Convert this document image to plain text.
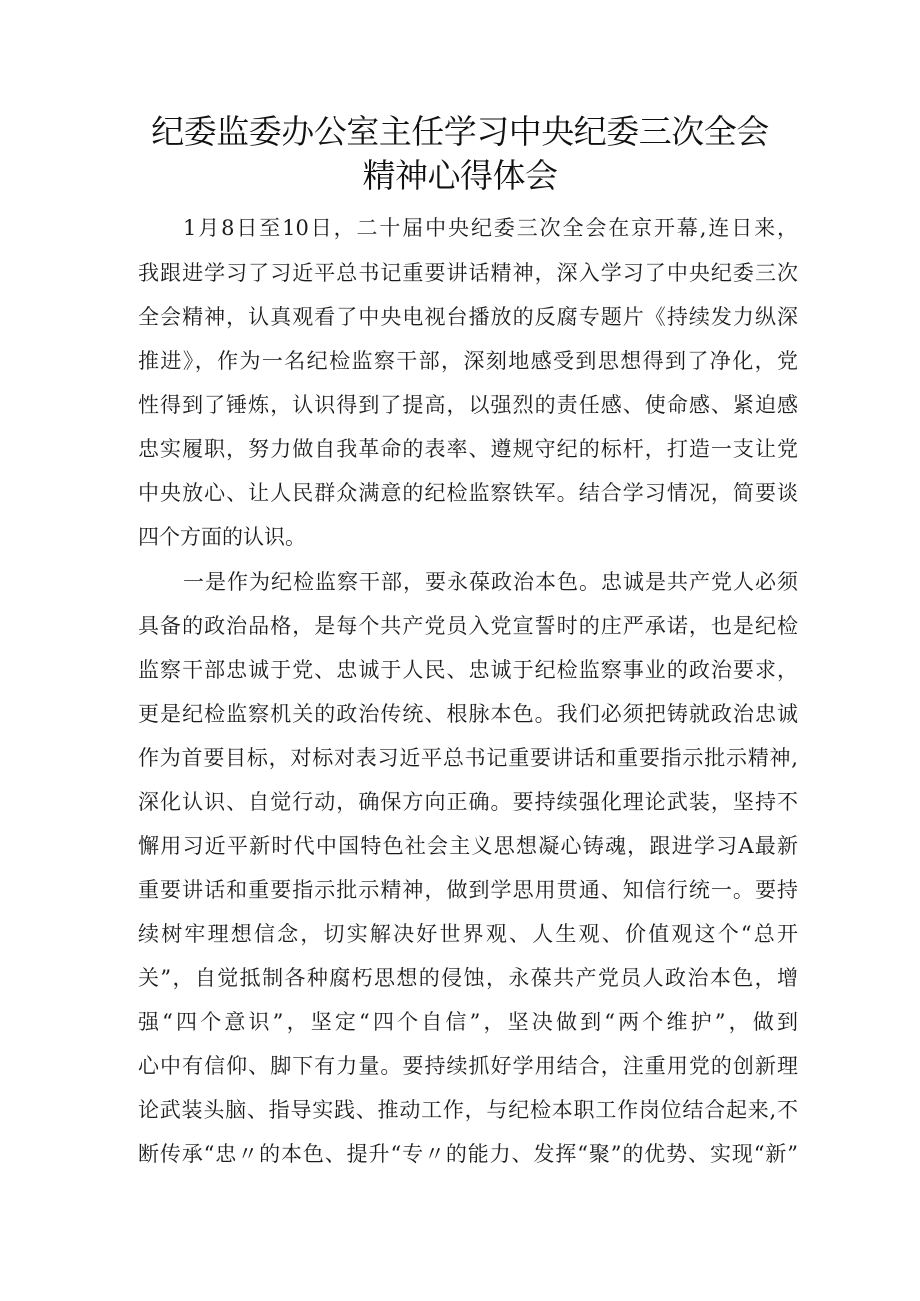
纪委监委办公室主任学习中央纪委三次全会
精神心得体会
1月8日至10日，二十届中央纪委三次全会在京开幕,连日来，
我跟进学习了习近平总书记重要讲话精神，深入学习了中央纪委三次
全会精神，认真观看了中央电视台播放的反腐专题片《持续发力纵深
推进》，作为一名纪检监察干部，深刻地感受到思想得到了净化，党
性得到了锤炼，认识得到了提高，以强烈的责任感、使命感、紧迫感
忠实履职，努力做自我革命的表率、遵规守纪的标杆，打造一支让党
中央放心、让人民群众满意的纪检监察铁军。结合学习情况，简要谈
四个方面的认识。
一是作为纪检监察干部，要永葆政治本色。忠诚是共产党人必须
具备的政治品格，是每个共产党员入党宣誓时的庄严承诺，也是纪检
监察干部忠诚于党、忠诚于人民、忠诚于纪检监察事业的政治要求，
更是纪检监察机关的政治传统、根脉本色。我们必须把铸就政治忠诚
作为首要目标，对标对表习近平总书记重要讲话和重要指示批示精神,
深化认识、自觉行动，确保方向正确。要持续强化理论武装，坚持不
懈用习近平新时代中国特色社会主义思想凝心铸魂，跟进学习A最新
重要讲话和重要指示批示精神，做到学思用贯通、知信行统一。要持
续树牢理想信念，切实解决好世界观、人生观、价值观这个“总开
关”，自觉抵制各种腐朽思想的侵蚀，永葆共产党员人政治本色，增
强“四个意识”，坚定“四个自信”，坚决做到“两个维护”，做到
心中有信仰、脚下有力量。要持续抓好学用结合，注重用党的创新理
论武装头脑、指导实践、推动工作，与纪检本职工作岗位结合起来,不
断传承“忠〃的本色、提升“专〃的能力、发挥“聚”的优势、实现“新”
